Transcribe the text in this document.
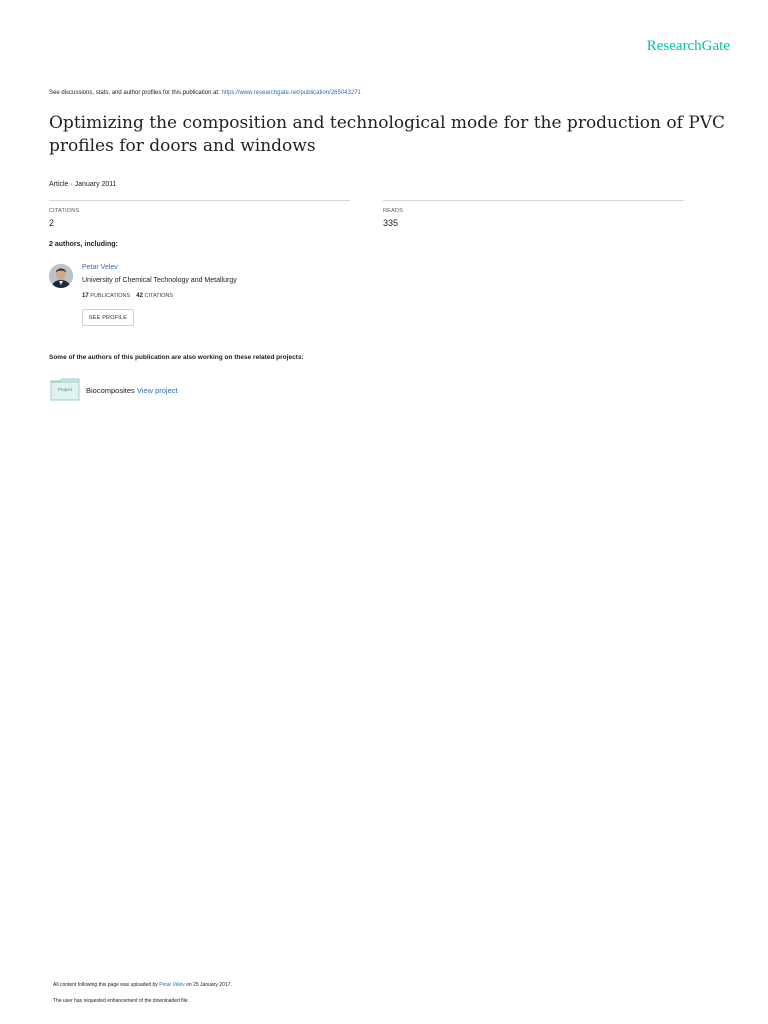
ResearchGate
See discussions, stats, and author profiles for this publication at: https://www.researchgate.net/publication/265043271
Optimizing the composition and technological mode for the production of PVC profiles for doors and windows
Article · January 2011
CITATIONS
2
READS
335
2 authors, including:
Petar Velev
University of Chemical Technology and Metallurgy
17 PUBLICATIONS 42 CITATIONS
SEE PROFILE
Some of the authors of this publication are also working on these related projects:
Project	Biocomposites View project
All content following this page was uploaded by Petar Velev on 25 January 2017.
The user has requested enhancement of the downloaded file.
